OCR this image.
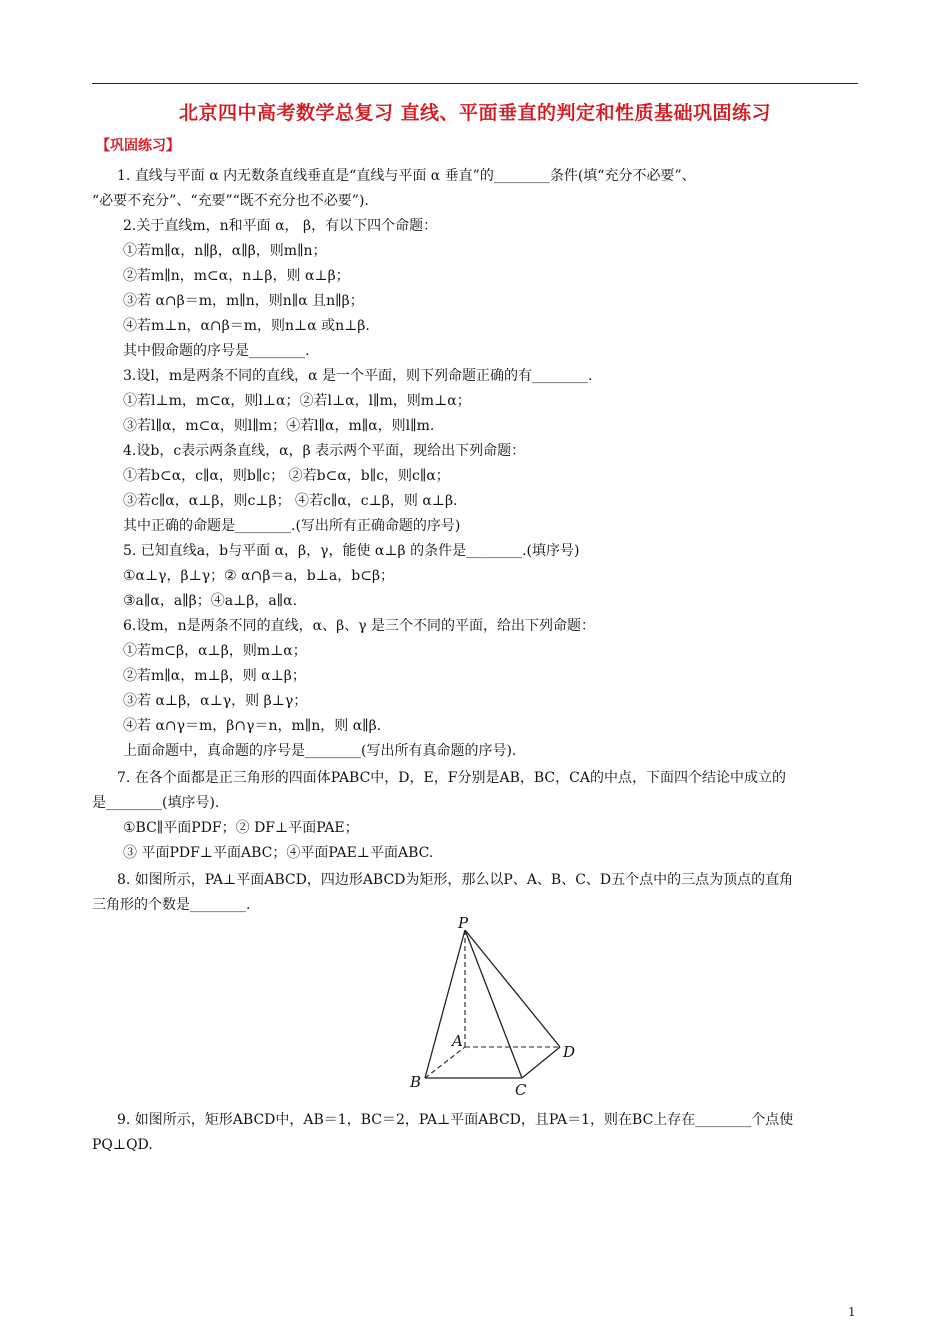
北京四中高考数学总复习 直线、平面垂直的判定和性质基础巩固练习
【巩固练习】
1. 直线与平面 α 内无数条直线垂直是“直线与平面 α 垂直”的________条件(填“充分不必要”、
“必要不充分”、“充要”“既不充分也不必要”).
2.关于直线m，n和平面 α， β，有以下四个命题：
①若m∥α，n∥β，α∥β，则m∥n；
②若m∥n，m⊂α，n⊥β，则 α⊥β；
③若 α∩β＝m，m∥n，则n∥α 且n∥β；
④若m⊥n，α∩β＝m，则n⊥α 或n⊥β.
其中假命题的序号是________.
3.设l，m是两条不同的直线，α 是一个平面，则下列命题正确的有________.
①若l⊥m，m⊂α，则l⊥α；②若l⊥α，l∥m，则m⊥α；
③若l∥α，m⊂α，则l∥m；④若l∥α，m∥α，则l∥m.
4.设b，c表示两条直线，α，β 表示两个平面，现给出下列命题：
①若b⊂α，c∥α，则b∥c； ②若b⊂α，b∥c，则c∥α；
③若c∥α，α⊥β，则c⊥β； ④若c∥α，c⊥β，则 α⊥β.
其中正确的命题是________.(写出所有正确命题的序号)
5. 已知直线a，b与平面 α，β，γ，能使 α⊥β 的条件是________.(填序号)
①α⊥γ，β⊥γ；② α∩β＝a，b⊥a，b⊂β；
③a∥α，a∥β；④a⊥β，a∥α.
6.设m，n是两条不同的直线，α、β、γ 是三个不同的平面，给出下列命题：
①若m⊂β，α⊥β，则m⊥α；
②若m∥α，m⊥β，则 α⊥β；
③若 α⊥β，α⊥γ，则 β⊥γ；
④若 α∩γ＝m，β∩γ＝n，m∥n，则 α∥β.
上面命题中，真命题的序号是________(写出所有真命题的序号).
7. 在各个面都是正三角形的四面体PABC中，D，E，F分别是AB，BC，CA的中点，下面四个结论中成立的
是________(填序号).
①BC∥平面PDF；② DF⊥平面PAE；
③ 平面PDF⊥平面ABC；④平面PAE⊥平面ABC.
8. 如图所示，PA⊥平面ABCD，四边形ABCD为矩形，那么以P、A、B、C、D五个点中的三点为顶点的直角
三角形的个数是________.
P
A
B	C
D
9. 如图所示，矩形ABCD中，AB＝1，BC＝2，PA⊥平面ABCD，且PA＝1，则在BC上存在________个点使
PQ⊥QD.
1
